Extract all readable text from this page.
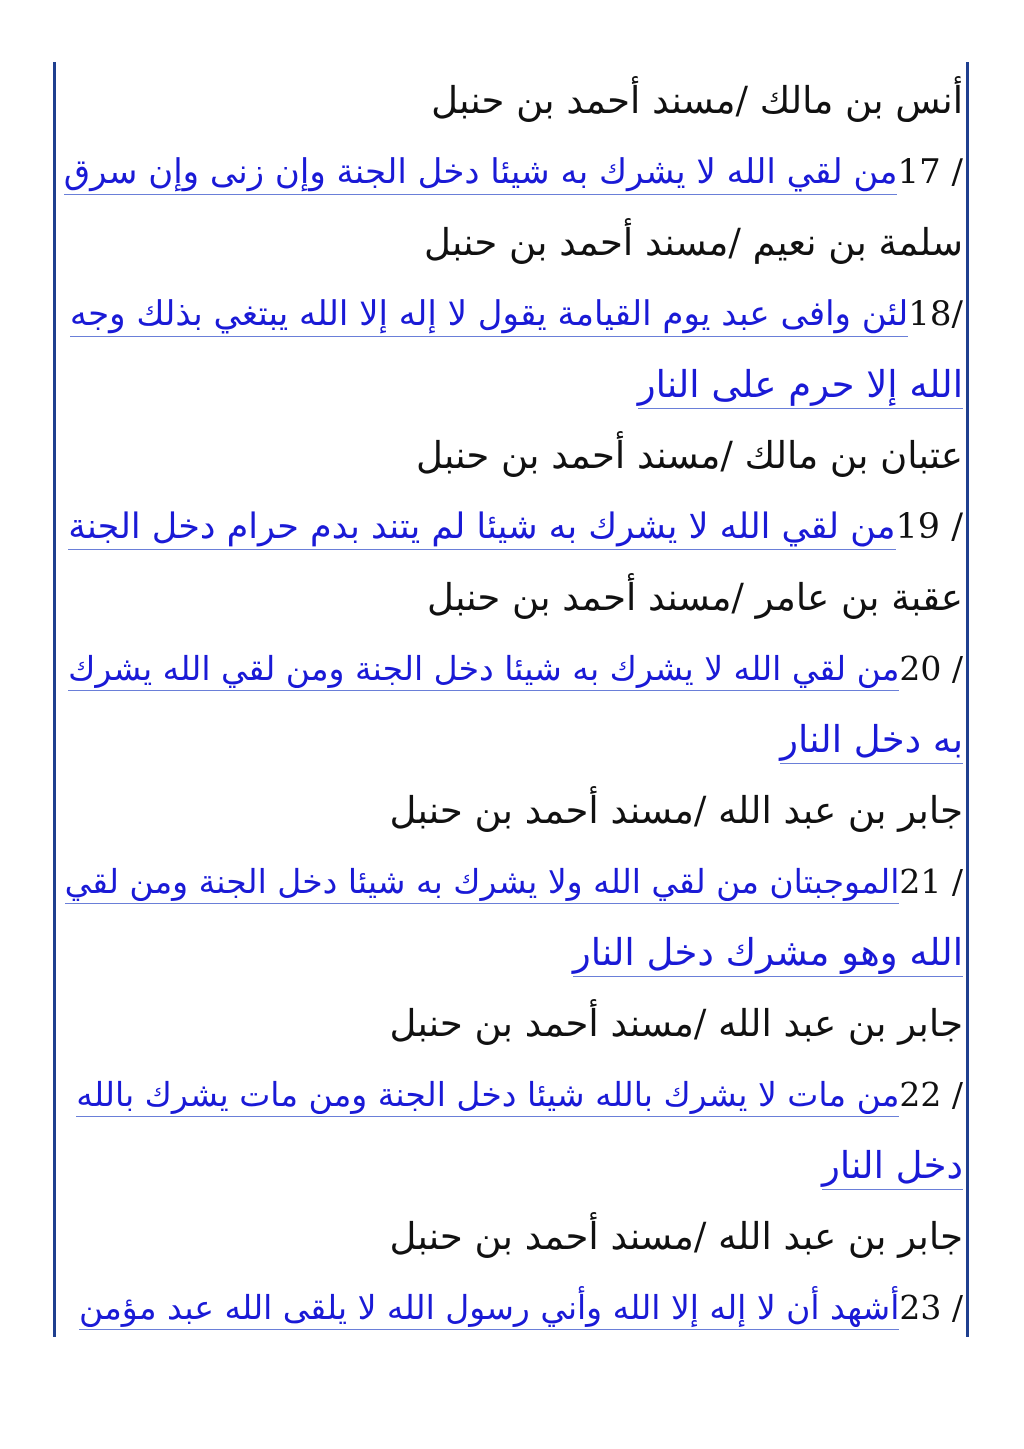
أنس بن مالك /مسند أحمد بن حنبل
/ 17من لقي الله لا يشرك به شيئا دخل الجنة وإن زنى وإن سرق
سلمة بن نعيم /مسند أحمد بن حنبل
/18لئن وافى عبد يوم القيامة يقول لا إله إلا الله يبتغي بذلك وجه
الله إلا حرم على النار
عتبان بن مالك /مسند أحمد بن حنبل
/ 19من لقي الله لا يشرك به شيئا لم يتند بدم حرام دخل الجنة
عقبة بن عامر /مسند أحمد بن حنبل
/ 20من لقي الله لا يشرك به شيئا دخل الجنة ومن لقي الله يشرك
به دخل النار
جابر بن عبد الله /مسند أحمد بن حنبل
/ 21الموجبتان من لقي الله ولا يشرك به شيئا دخل الجنة ومن لقي
الله وهو مشرك دخل النار
جابر بن عبد الله /مسند أحمد بن حنبل
/ 22من مات لا يشرك بالله شيئا دخل الجنة ومن مات يشرك بالله
دخل النار
جابر بن عبد الله /مسند أحمد بن حنبل
/ 23أشهد أن لا إله إلا الله وأني رسول الله لا يلقى الله عبد مؤمن
